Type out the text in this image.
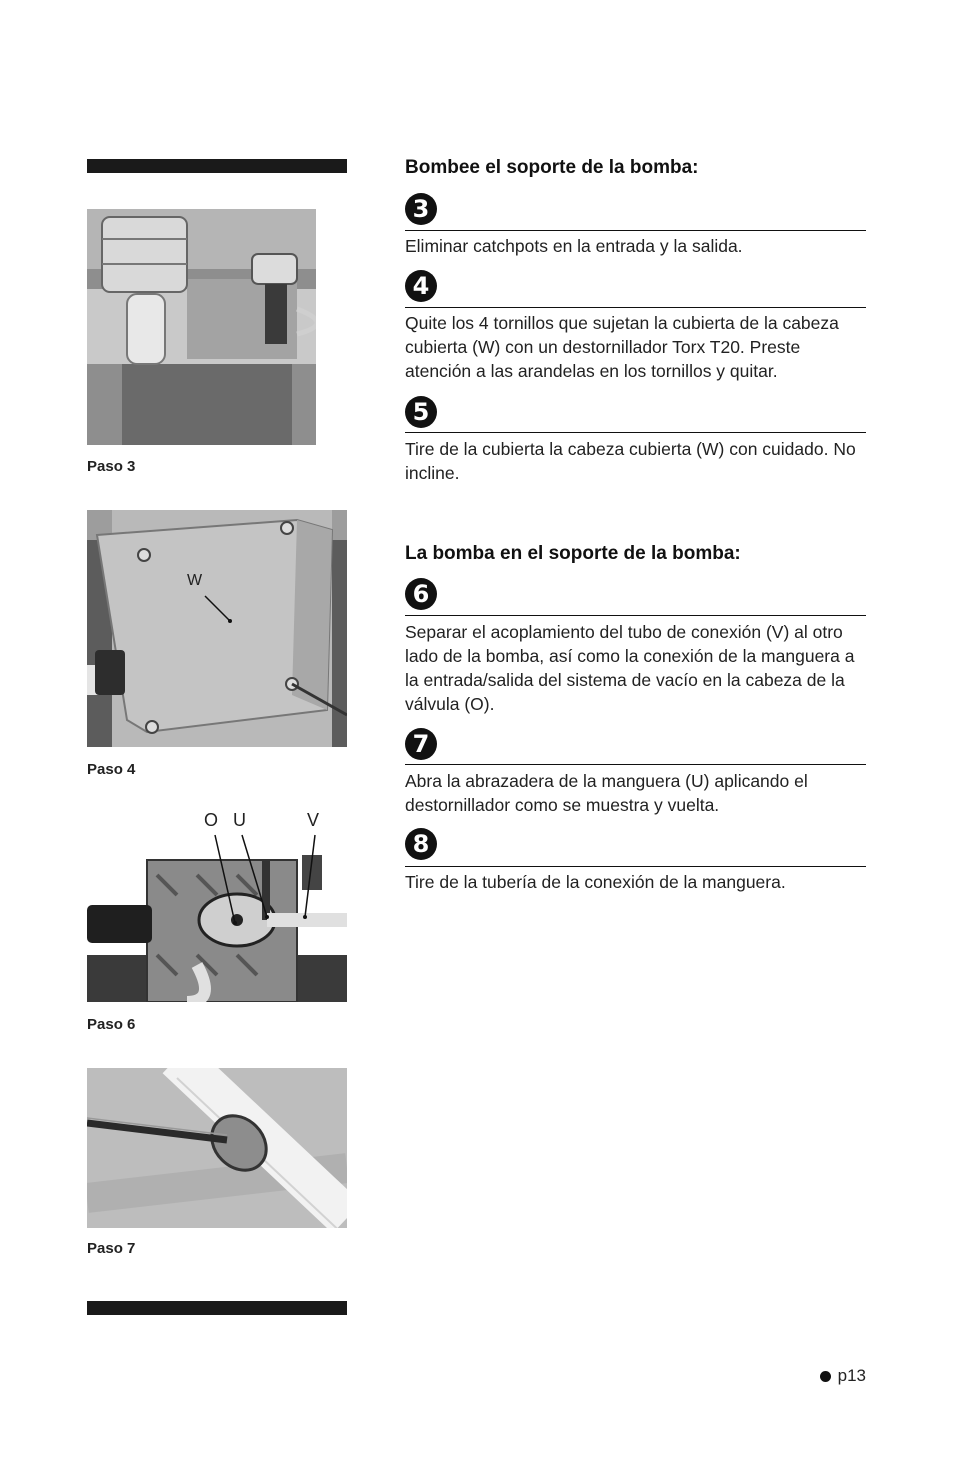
Paso 3
W
Paso 4
O U	V
Paso 6
Paso 7
Bombee el soporte de la bomba:
3
Eliminar catchpots en la entrada y la salida.
4
Quite los 4 tornillos que sujetan la cubierta de la cabeza cubierta (W) con un destornillador Torx T20. Preste atención a las arandelas en los tornillos y quitar.
5
Tire de la cubierta la cabeza cubierta (W) con cuidado. No incline.
La bomba en el soporte de la bomba:
6
Separar el acoplamiento del tubo de conexión (V) al otro lado de la bomba, así como la conexión de la manguera a la entrada/salida del sistema de vacío en la cabeza de la válvula (O).
7
Abra la abrazadera de la manguera (U) aplicando el destornillador como se muestra y vuelta.
8
Tire de la tubería de la conexión de la manguera.
p13
